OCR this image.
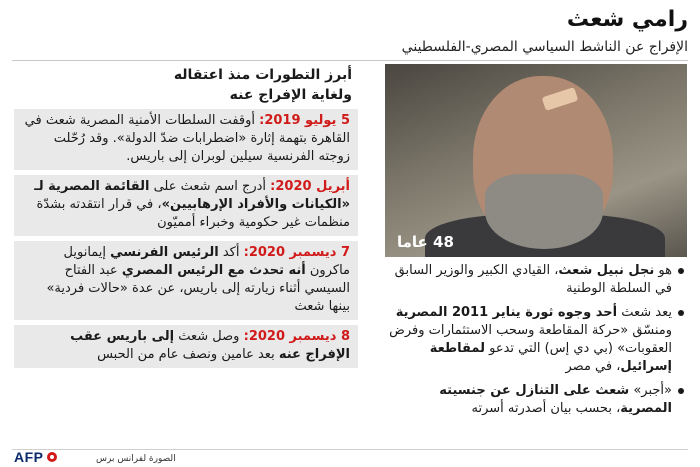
رامي شعث
الإفراج عن الناشط السياسي المصري-الفلسطيني
48 عاما
هو نجل نبيل شعث، القيادي الكبير والوزير السابق في السلطة الوطنية
يعد شعث أحد وجوه ثورة يناير 2011 المصرية ومنسّق «حركة المقاطعة وسحب الاستثمارات وفرض العقوبات» (بي دي إس) التي تدعو لمقاطعة إسرائيل، في مصر
«أجبر» شعث على التنازل عن جنسيته المصرية، بحسب بيان أصدرته أسرته
أبرز التطورات منذ اعتقاله
ولغاية الإفراج عنه
5 يوليو 2019: أوقفت السلطات الأمنية المصرية شعث في القاهرة بتهمة إثارة «اضطرابات ضدّ الدولة». وقد رُحّلت زوجته الفرنسية سيلين لوبران إلى باريس.
أبريل 2020: أدرج اسم شعث على القائمة المصرية لـ «الكيانات والأفراد الإرهابيين»، في قرار انتقدته بشدّة منظمات غير حكومية وخبراء أمميّون
7 ديسمبر 2020: أكد الرئيس الفرنسي إيمانويل ماكرون أنه تحدث مع الرئيس المصري عبد الفتاح السيسي أثناء زيارته إلى باريس، عن عدة «حالات فردية» بينها شعث
8 ديسمبر 2020: وصل شعث إلى باريس عقب الإفراج عنه بعد عامين ونصف عام من الحبس
الصورة لفرانس برس
AFP
